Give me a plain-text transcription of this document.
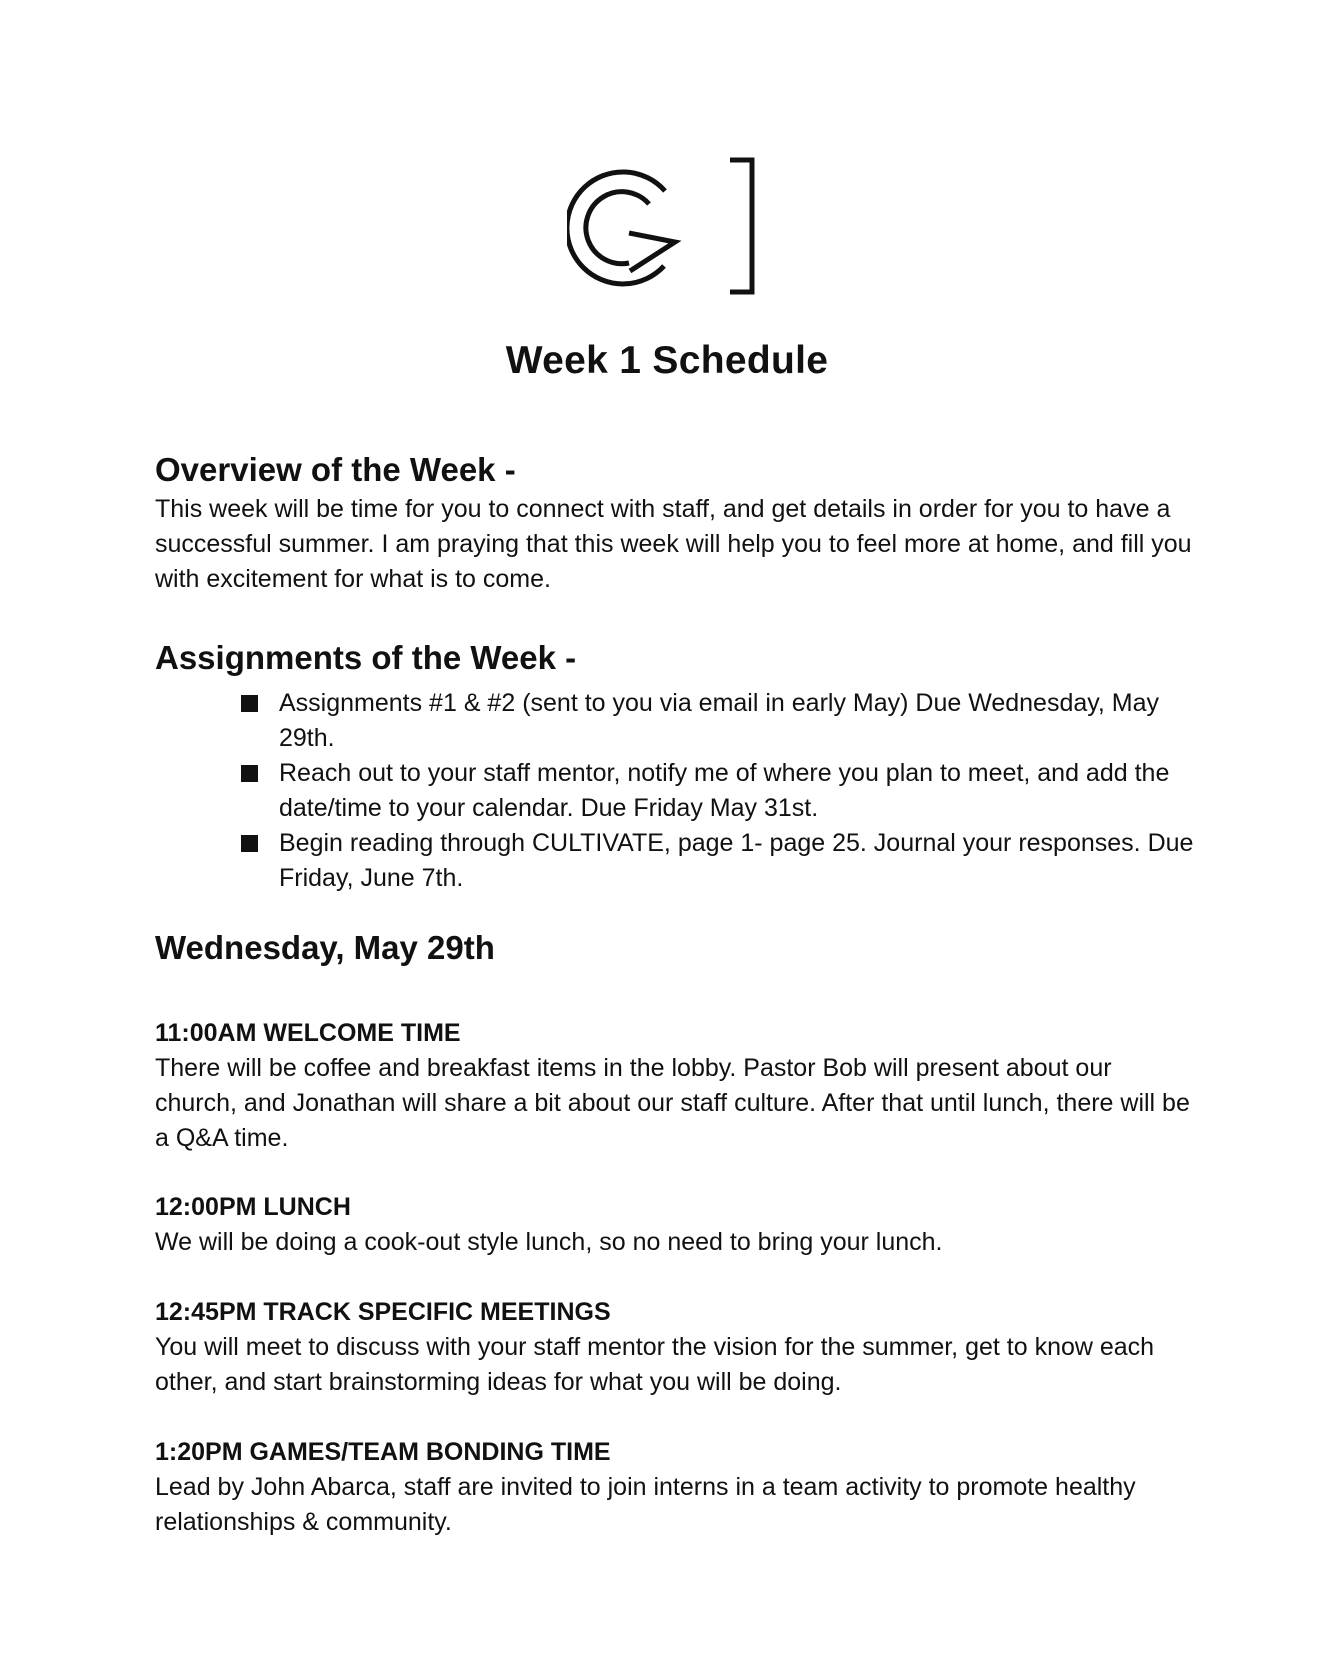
Week 1 Schedule
Overview of the Week -

This week will be time for you to connect with staff, and get details in order for you to have a successful summer. I am praying that this week will help you to feel more at home, and fill you with excitement for what is to come.

Assignments of the Week -
Assignments #1 & #2 (sent to you via email in early May) Due Wednesday, May 29th.
Reach out to your staff mentor, notify me of where you plan to meet, and add the date/time to your calendar. Due Friday May 31st.
Begin reading through CULTIVATE, page 1- page 25. Journal your responses. Due Friday, June 7th.
Wednesday, May 29th
11:00AM WELCOME TIME

There will be coffee and breakfast items in the lobby. Pastor Bob will present about our church, and Jonathan will share a bit about our staff culture. After that until lunch, there will be a Q&A time.

12:00PM LUNCH

We will be doing a cook-out style lunch, so no need to bring your lunch.

12:45PM TRACK SPECIFIC MEETINGS

You will meet to discuss with your staff mentor the vision for the summer, get to know each other, and start brainstorming ideas for what you will be doing.

1:20PM GAMES/TEAM BONDING TIME

Lead by John Abarca, staff are invited to join interns in a team activity to promote healthy relationships & community.
